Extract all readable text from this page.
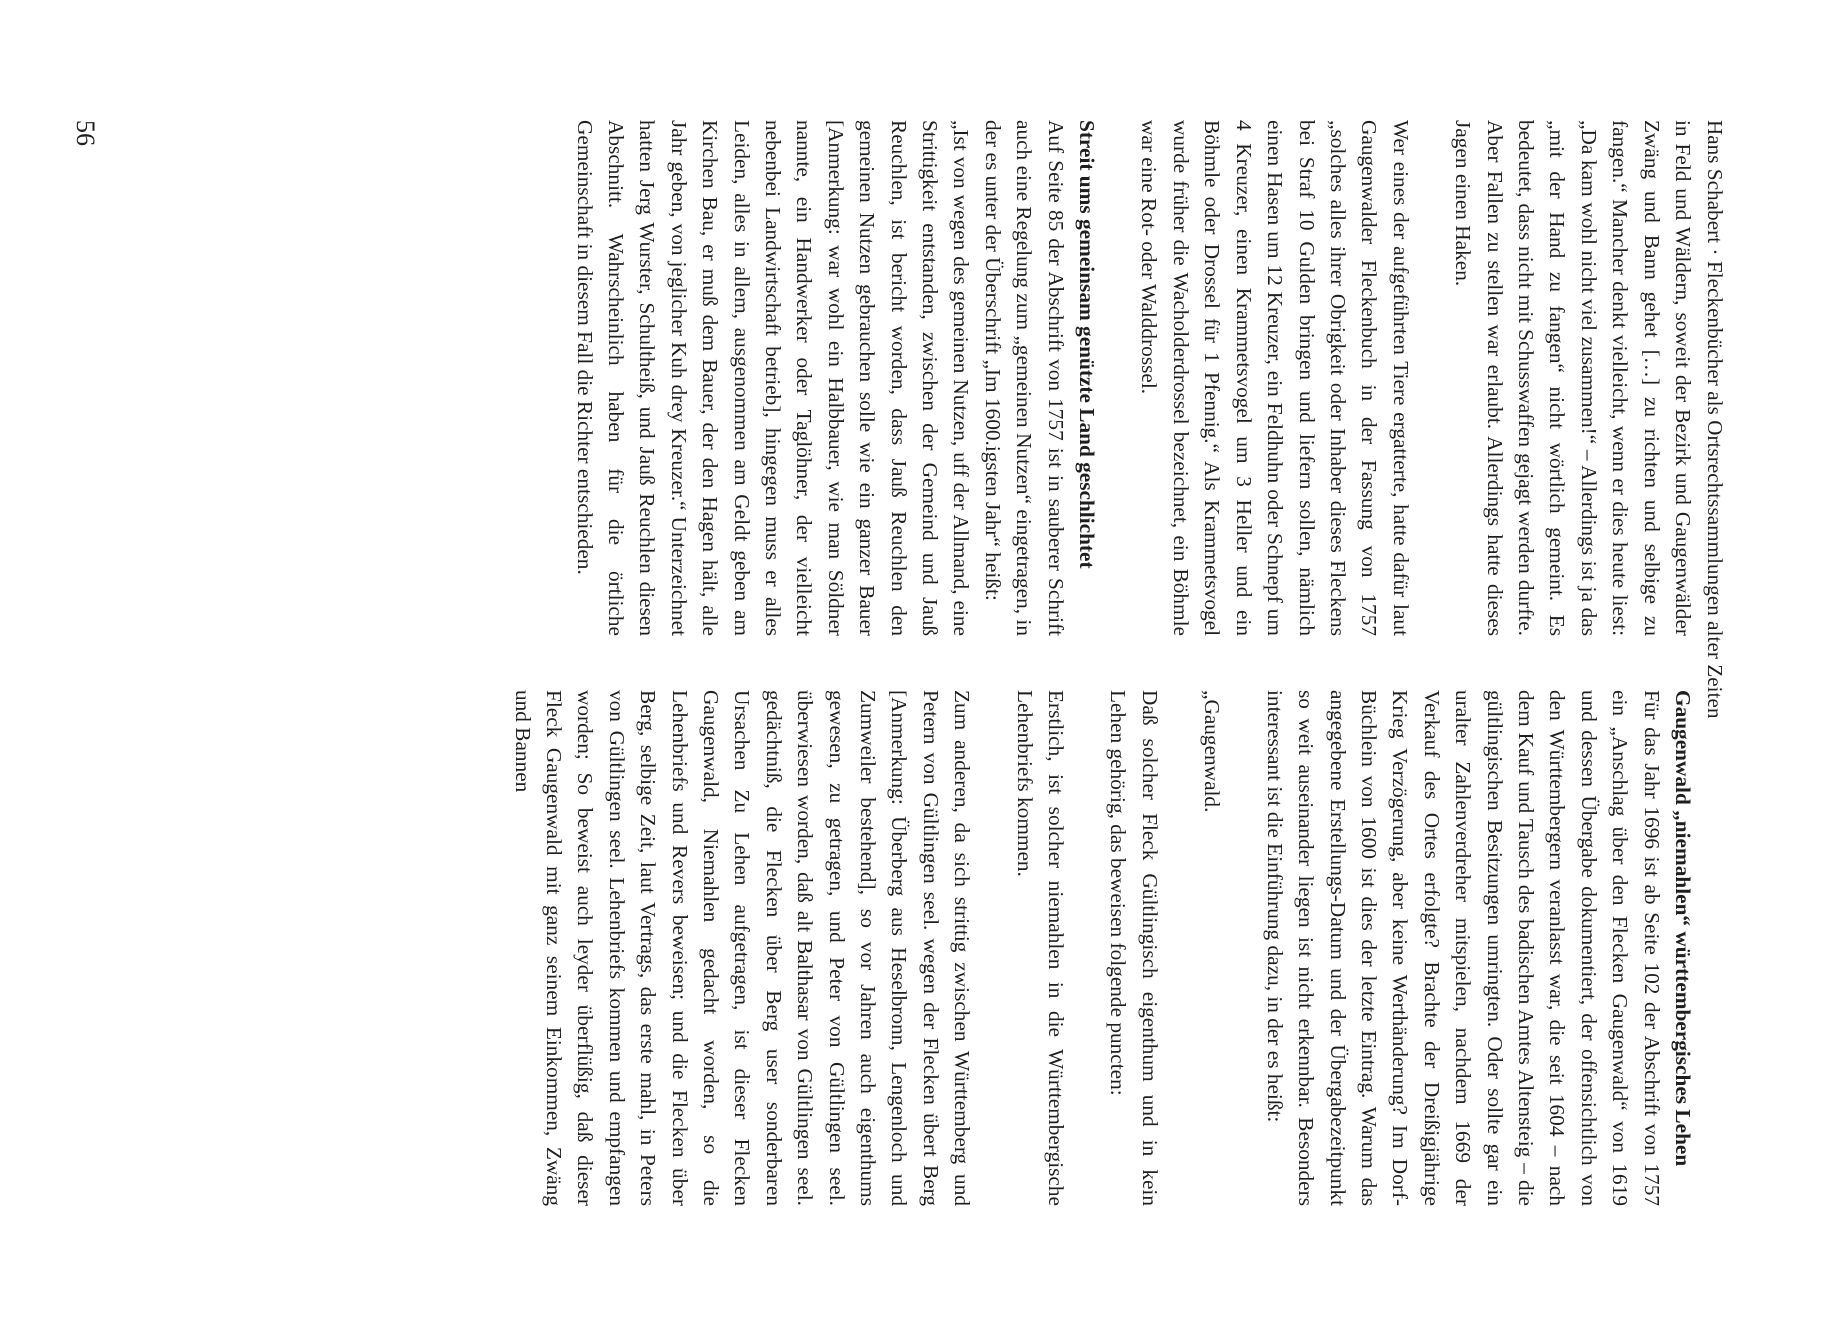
Hans Schabert · Fleckenbücher als Ortsrechtssammlungen alter Zeiten

in Feld und Wäldern, soweit der Bezirk und Gaugenwälder Zwäng und Bann gehet […] zu richten und selbige zu fangen.“ Mancher denkt vielleicht, wenn er dies heute liest: „Da kam wohl nicht viel zusammen!“ – Allerdings ist ja das „mit der Hand zu fangen“ nicht wörtlich gemeint. Es bedeutet, dass nicht mit Schusswaffen gejagt werden durfte. Aber Fallen zu stellen war erlaubt. Allerdings hatte dieses Jagen einen Haken.

Wer eines der aufgeführten Tiere ergatterte, hatte dafür laut Gaugenwalder Fleckenbuch in der Fassung von 1757 „solches alles ihrer Obrigkeit oder Inhaber dieses Fleckens bei Straf 10 Gulden bringen und liefern sollen, nämlich einen Hasen um 12 Kreuzer, ein Feldhuhn oder Schnepf um 4 Kreuzer, einen Krammetsvogel um 3 Heller und ein Böhmle oder Drossel für 1 Pfennig.“ Als Krammetsvogel wurde früher die Wacholderdrossel bezeichnet, ein Böhmle war eine Rot- oder Walddrossel.

Streit ums gemeinsam genützte Land geschlichtet

Auf Seite 85 der Abschrift von 1757 ist in sauberer Schrift auch eine Regelung zum „gemeinen Nutzen“ eingetragen, in der es unter der Überschrift „Im 1600.igsten Jahr“ heißt:

„Ist von wegen des gemeinen Nutzen, uff der Allmand, eine Strittigkeit entstanden, zwischen der Gemeind und Jauß Reuchlen, ist bericht worden, dass Jauß Reuchlen den gemeinen Nutzen gebrauchen solle wie ein ganzer Bauer [Anmerkung: war wohl ein Halbbauer, wie man Söldner nannte, ein Handwerker oder Taglöhner, der vielleicht nebenbei Landwirtschaft betrieb], hingegen muss er alles Leiden, alles in allem, ausgenommen am Geldt geben am Kirchen Bau, er muß dem Bauer, der den Hagen hält, alle Jahr geben, von jeglicher Kuh drey Kreuzer.“ Unterzeichnet hatten Jerg Wurster, Schultheiß, und Jauß Reuchlen diesen Abschnitt. Wahrscheinlich haben für die örtliche Gemeinschaft in diesem Fall die Richter entschieden.

Gaugenwald „niemahlen“ württembergisches Lehen

Für das Jahr 1696 ist ab Seite 102 der Abschrift von 1757 ein „Anschlag über den Flecken Gaugenwald“ von 1619 und dessen Übergabe dokumentiert, der offensichtlich von den Württembergern veranlasst war, die seit 1604 – nach dem Kauf und Tausch des badischen Amtes Altensteig – die gültlingischen Besitzungen umringten. Oder sollte gar ein uralter Zahlenverdreher mitspielen, nachdem 1669 der Verkauf des Ortes erfolgte? Brachte der Dreißigjährige Krieg Verzögerung, aber keine Werthänderung? Im Dorf-Büchlein von 1600 ist dies der letzte Eintrag. Warum das angegebene Erstellungs-Datum und der Übergabezeitpunkt so weit auseinander liegen ist nicht erkennbar. Besonders interessant ist die Einführung dazu, in der es heißt:

„Gaugenwald.

Daß solcher Fleck Gültlingisch eigenthum und in kein Lehen gehörig, das beweisen folgende puncten:

Erstlich, ist solcher niemahlen in die Württembergische Lehenbriefs kommen.

Zum anderen, da sich strittig zwischen Württemberg und Petern von Gültlingen seel. wegen der Flecken übert Berg [Anmerkung: Überberg aus Heselbronn, Lengenloch und Zumweiler bestehend], so vor Jahren auch eigenthums gewesen, zu getragen, und Peter von Gültlingen seel. überwiesen worden, daß alt Balthasar von Gültlingen seel. gedächtniß, die Flecken über Berg user sonderbaren Ursachen Zu Lehen aufgetragen, ist dieser Flecken Gaugenwald, Niemahlen gedacht worden, so die Lehenbriefs und Revers beweisen; und die Flecken über Berg, selbige Zeit, laut Vertrags, das erste mahl, in Peters von Gültlingen seel. Lehenbriefs kommen und empfangen worden; So beweist auch leyder überflüßig, daß dieser Fleck Gaugenwald mit ganz seinem Einkommen, Zwäng und Bannen

56
